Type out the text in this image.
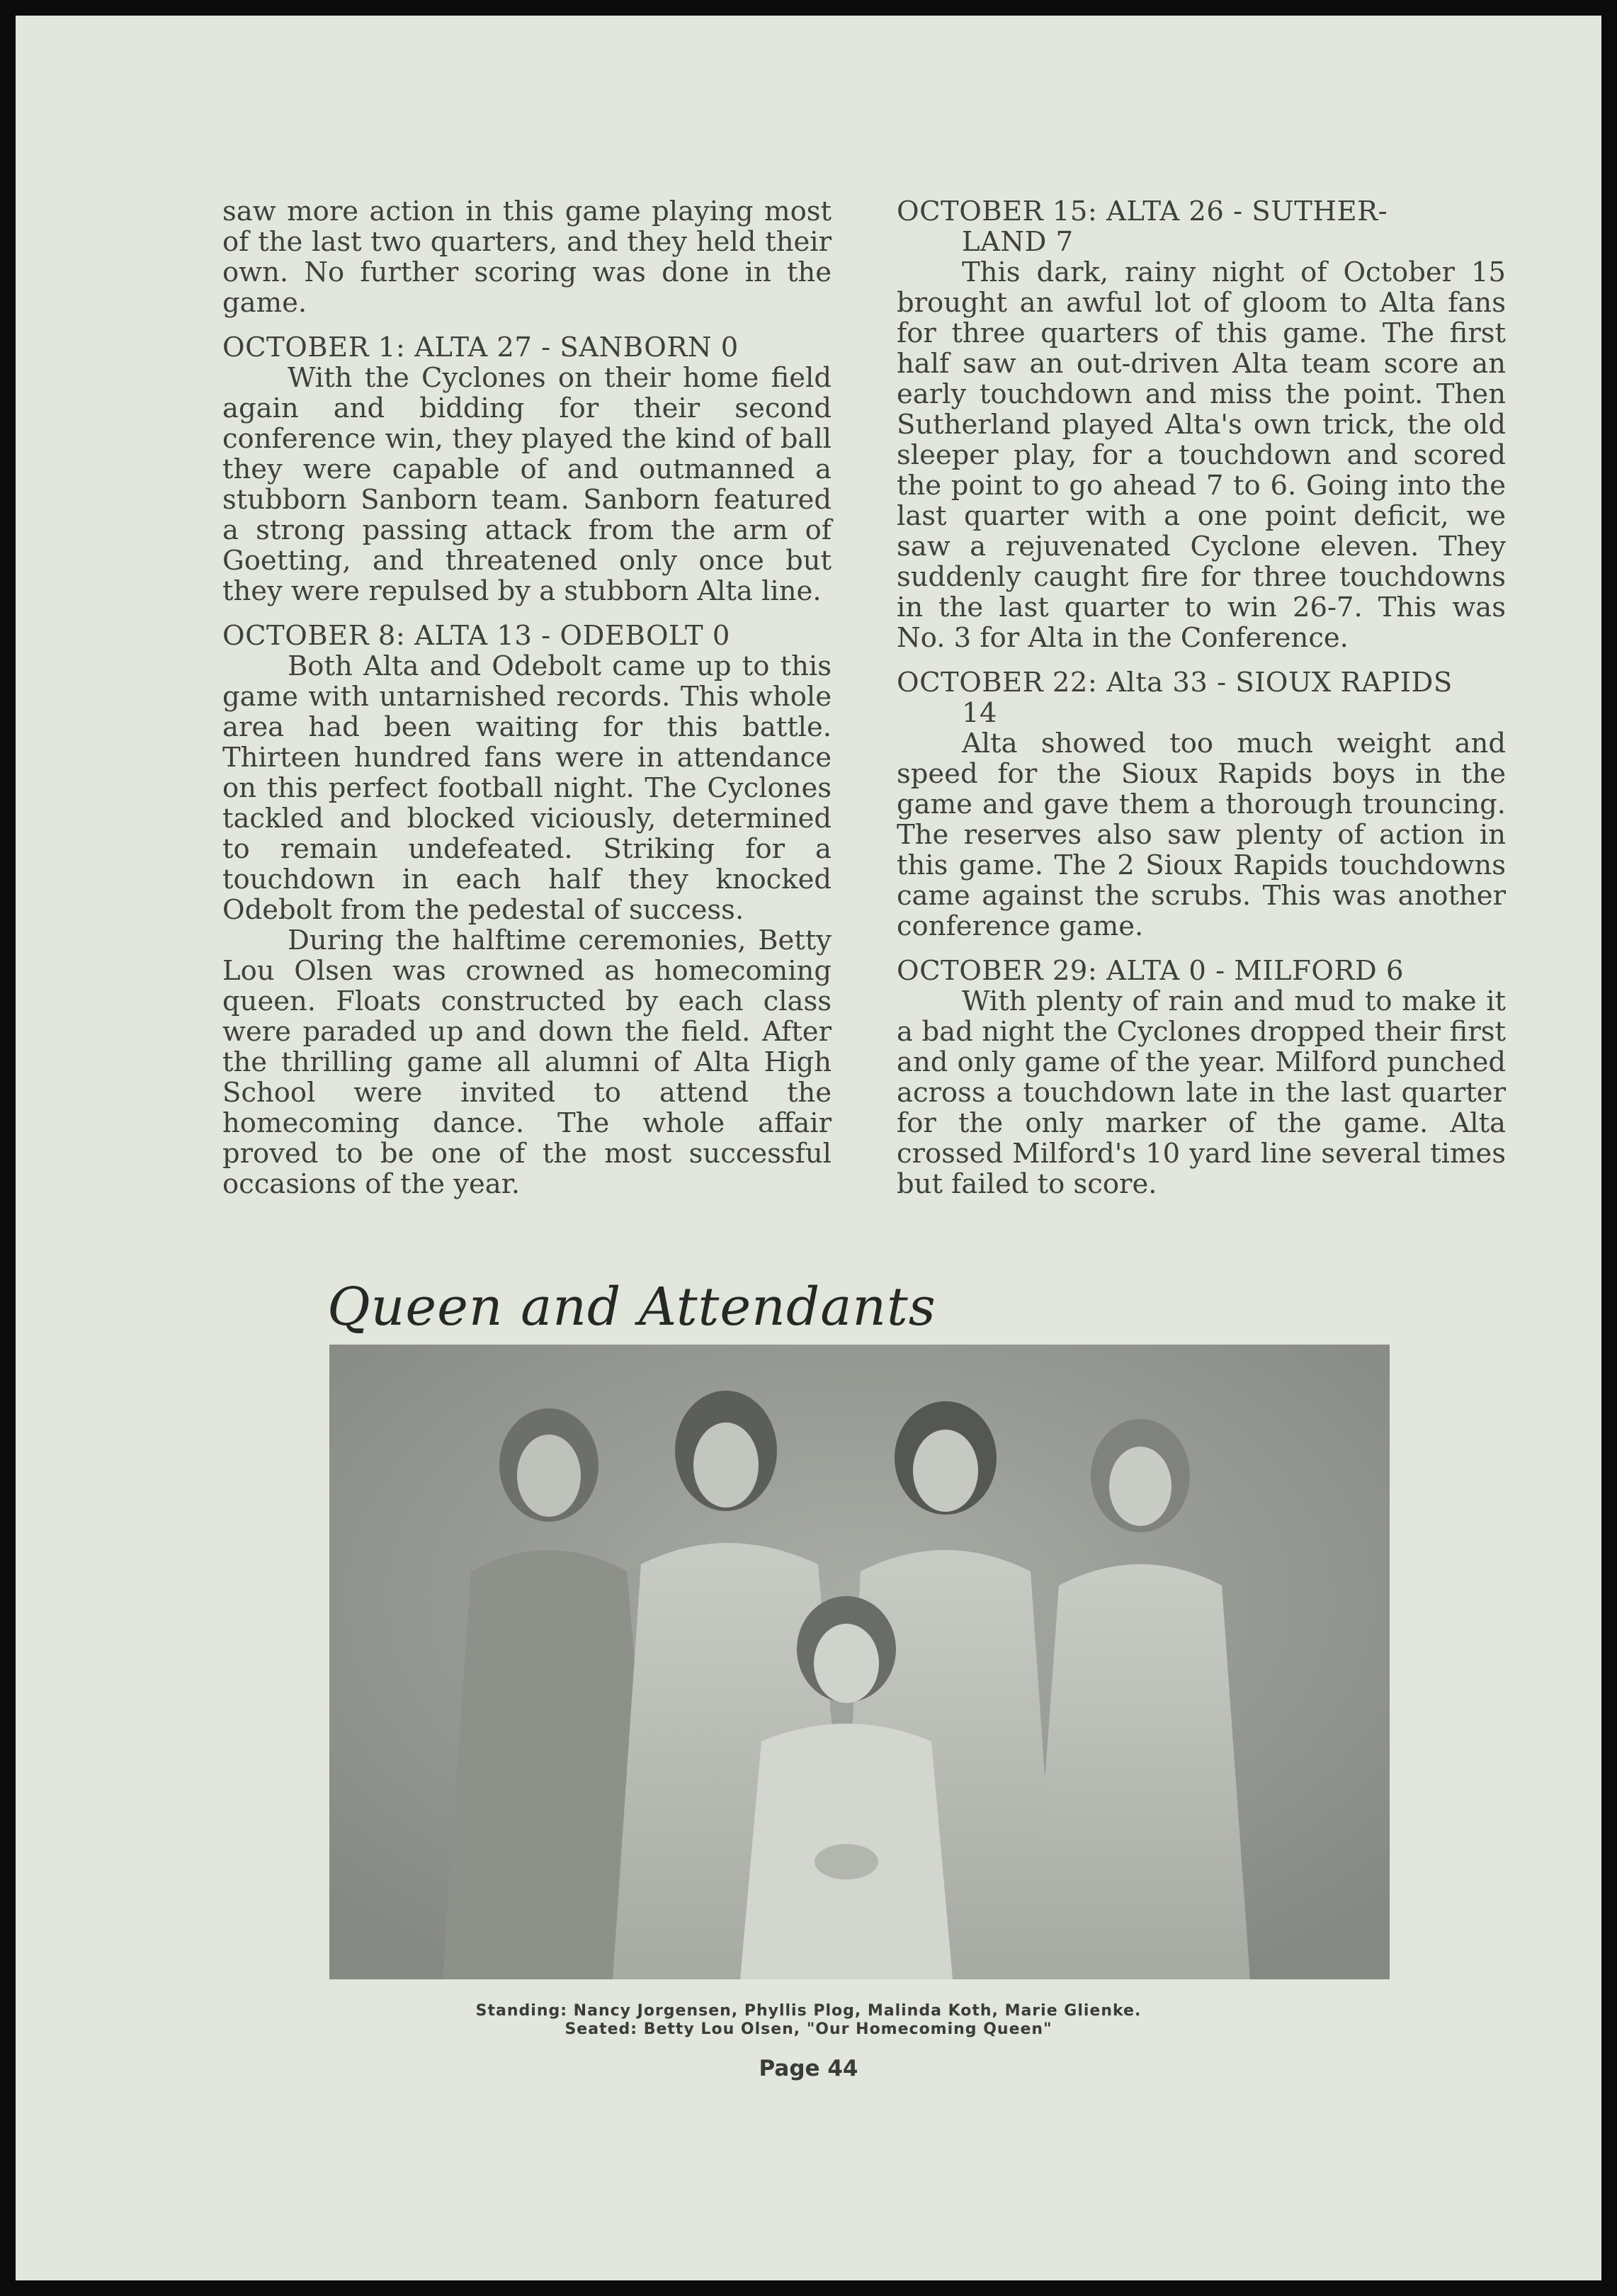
saw more action in this game playing most of the last two quarters, and they held their own. No further scoring was done in the game.

OCTOBER 1: ALTA 27 - SANBORN 0

With the Cyclones on their home field again and bidding for their second conference win, they played the kind of ball they were capable of and outmanned a stubborn Sanborn team. Sanborn featured a strong passing attack from the arm of Goetting, and threatened only once but they were repulsed by a stubborn Alta line.

OCTOBER 8: ALTA 13 - ODEBOLT 0

Both Alta and Odebolt came up to this game with untarnished records. This whole area had been waiting for this battle. Thirteen hundred fans were in attendance on this perfect football night. The Cyclones tackled and blocked viciously, determined to remain undefeated. Striking for a touchdown in each half they knocked Odebolt from the pedestal of success.

During the halftime ceremonies, Betty Lou Olsen was crowned as homecoming queen. Floats constructed by each class were paraded up and down the field. After the thrilling game all alumni of Alta High School were invited to attend the homecoming dance. The whole affair proved to be one of the most successful occasions of the year.

OCTOBER 15: ALTA 26 - SUTHER-
LAND 7

This dark, rainy night of October 15 brought an awful lot of gloom to Alta fans for three quarters of this game. The first half saw an out-driven Alta team score an early touchdown and miss the point. Then Sutherland played Alta's own trick, the old sleeper play, for a touchdown and scored the point to go ahead 7 to 6. Going into the last quarter with a one point deficit, we saw a rejuvenated Cyclone eleven. They suddenly caught fire for three touchdowns in the last quarter to win 26-7. This was No. 3 for Alta in the Conference.

OCTOBER 22: Alta 33 - SIOUX RAPIDS
14

Alta showed too much weight and speed for the Sioux Rapids boys in the game and gave them a thorough trouncing. The reserves also saw plenty of action in this game. The 2 Sioux Rapids touchdowns came against the scrubs. This was another conference game.

OCTOBER 29: ALTA 0 - MILFORD 6

With plenty of rain and mud to make it a bad night the Cyclones dropped their first and only game of the year. Milford punched across a touchdown late in the last quarter for the only marker of the game. Alta crossed Milford's 10 yard line several times but failed to score.

Queen and Attendants
Standing: Nancy Jorgensen, Phyllis Plog, Malinda Koth, Marie Glienke.
Seated: Betty Lou Olsen, "Our Homecoming Queen"
Page 44
